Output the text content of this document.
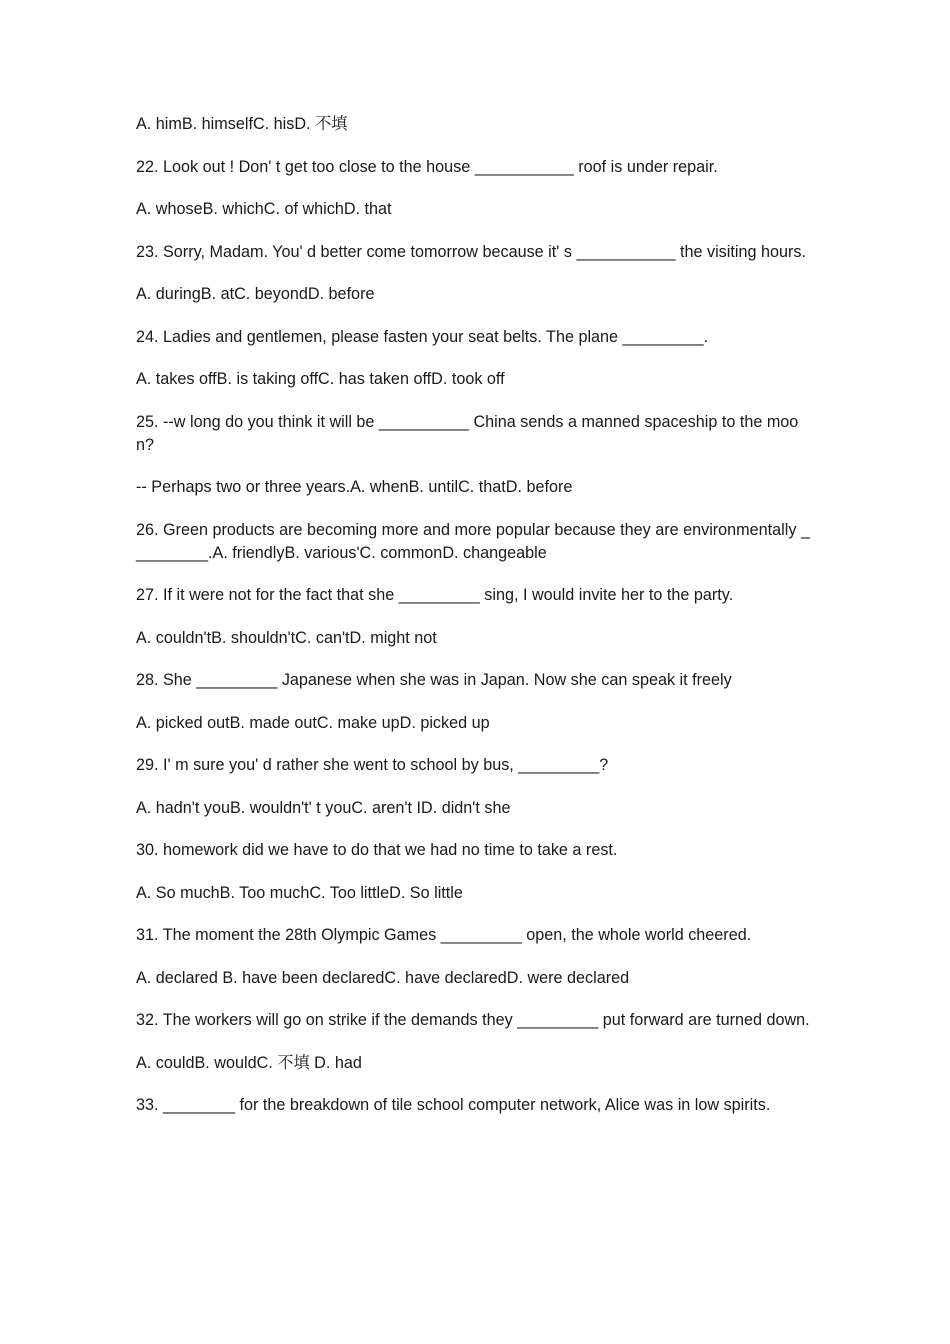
A. himB. himselfC. hisD. 不填

22. Look out ! Don' t get too close to the house ___________ roof is under repair.

A. whoseB. whichC. of whichD. that

23. Sorry, Madam. You' d better come tomorrow because it' s ___________ the visiting hours.

A. duringB. atC. beyondD. before

24. Ladies and gentlemen, please fasten your seat belts. The plane _________.

A. takes offB. is taking offC. has taken offD. took off

25. --w long do you think it will be __________ China sends a manned spaceship to the moon?

-- Perhaps two or three years.A. whenB. untilC. thatD. before

26. Green products are becoming more and more popular because they are environmentally _________.A. friendlyB. various'C. commonD. changeable

27. If it were not for the fact that she _________ sing, I would invite her to the party.

A. couldn'tB. shouldn'tC. can'tD. might not

28. She _________ Japanese when she was in Japan. Now she can speak it freely

A. picked outB. made outC. make upD. picked up

29. I' m sure you' d rather she went to school by bus, _________?

A. hadn't youB. wouldn't' t youC. aren't ID. didn't she

30. homework did we have to do that we had no time to take a rest.

A. So muchB. Too muchC. Too littleD. So little

31. The moment the 28th Olympic Games _________ open, the whole world cheered.

A. declared B. have been declaredC. have declaredD. were declared

32. The workers will go on strike if the demands they _________ put forward are turned down.

A. couldB. wouldC. 不填 D. had

33. ________ for the breakdown of tile school computer network, Alice was in low spirits.
